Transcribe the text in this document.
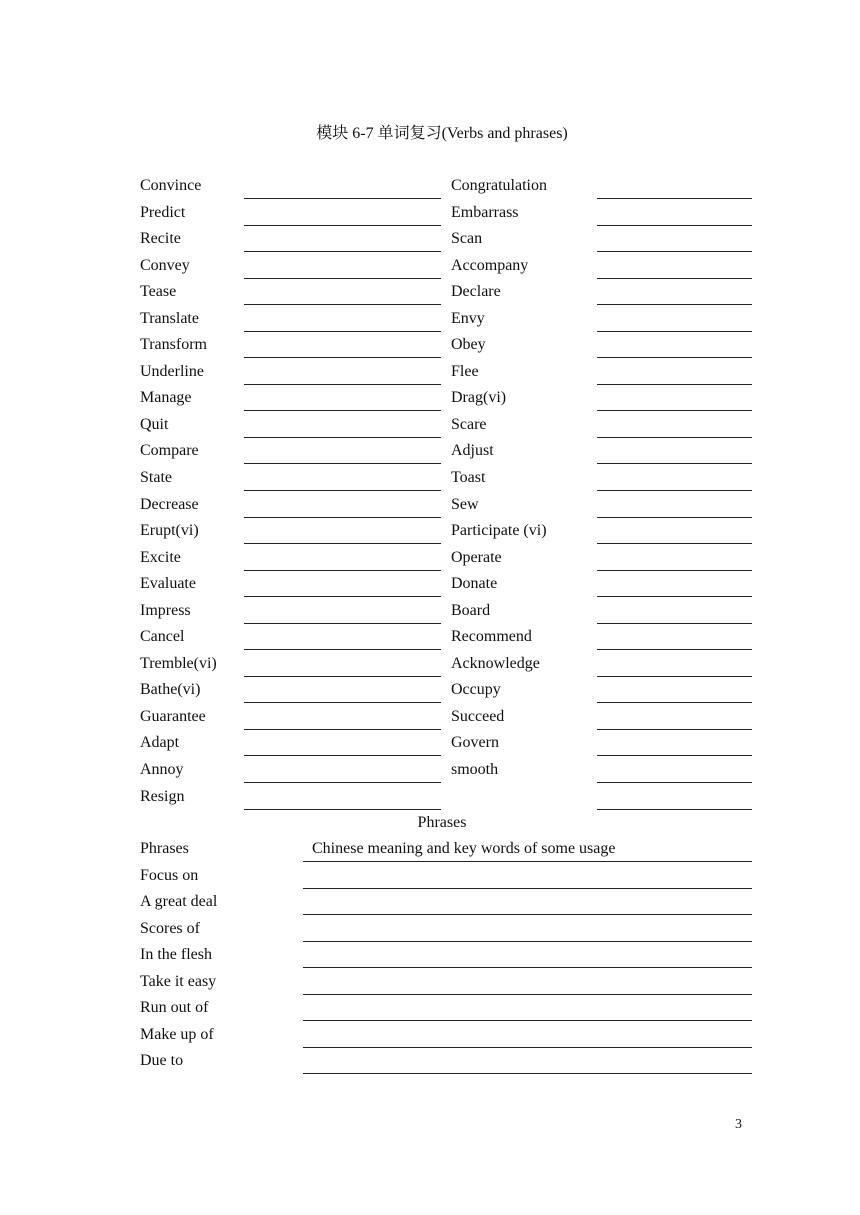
模块 6-7 单词复习(Verbs and phrases)
Convince	Congratulation
Predict	Embarrass
Recite	Scan
Convey	Accompany
Tease	Declare
Translate	Envy
Transform	Obey
Underline	Flee
Manage	Drag(vi)
Quit	Scare
Compare	Adjust
State	Toast
Decrease	Sew
Erupt(vi)	Participate (vi)
Excite	Operate
Evaluate	Donate
Impress	Board
Cancel	Recommend
Tremble(vi)	Acknowledge
Bathe(vi)	Occupy
Guarantee	Succeed
Adapt	Govern
Annoy	smooth
Resign
Phrases
Phrases	Chinese meaning and key words of some usage
Focus on
A great deal
Scores of
In the flesh
Take it easy
Run out of
Make up of
Due to
3
